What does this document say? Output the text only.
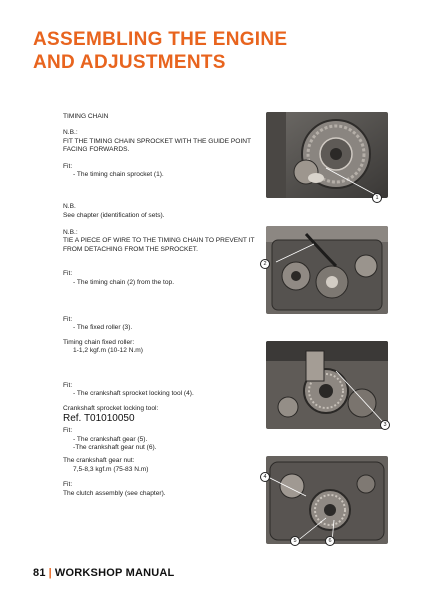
ASSEMBLING THE ENGINE
AND ADJUSTMENTS

TIMING CHAIN

N.B.:

FIT THE TIMING CHAIN SPROCKET WITH THE GUIDE POINT FACING FORWARDS.

Fit:

- The timing chain sprocket (1).

N.B.

See chapter (identification of sets).

N.B.:

TIE A PIECE OF WIRE TO THE TIMING CHAIN TO PREVENT IT FROM DETACHING FROM THE SPROCKET.

Fit:

- The timing chain (2) from the top.

Fit:

- The fixed roller (3).

Timing chain fixed roller:

1-1,2 kgf.m (10-12 N.m)

Fit:

- The crankshaft sprocket locking tool (4).

Crankshaft sprocket locking tool:

Ref. T01010050

Fit:

- The crankshaft gear (5).

-The crankshaft gear nut (6).

The crankshaft gear nut:

7,5-8,3 kgf.m (75-83 N.m)

Fit:

The clutch assembly (see chapter).

1
2
3
4
5	6
81 | WORKSHOP MANUAL
